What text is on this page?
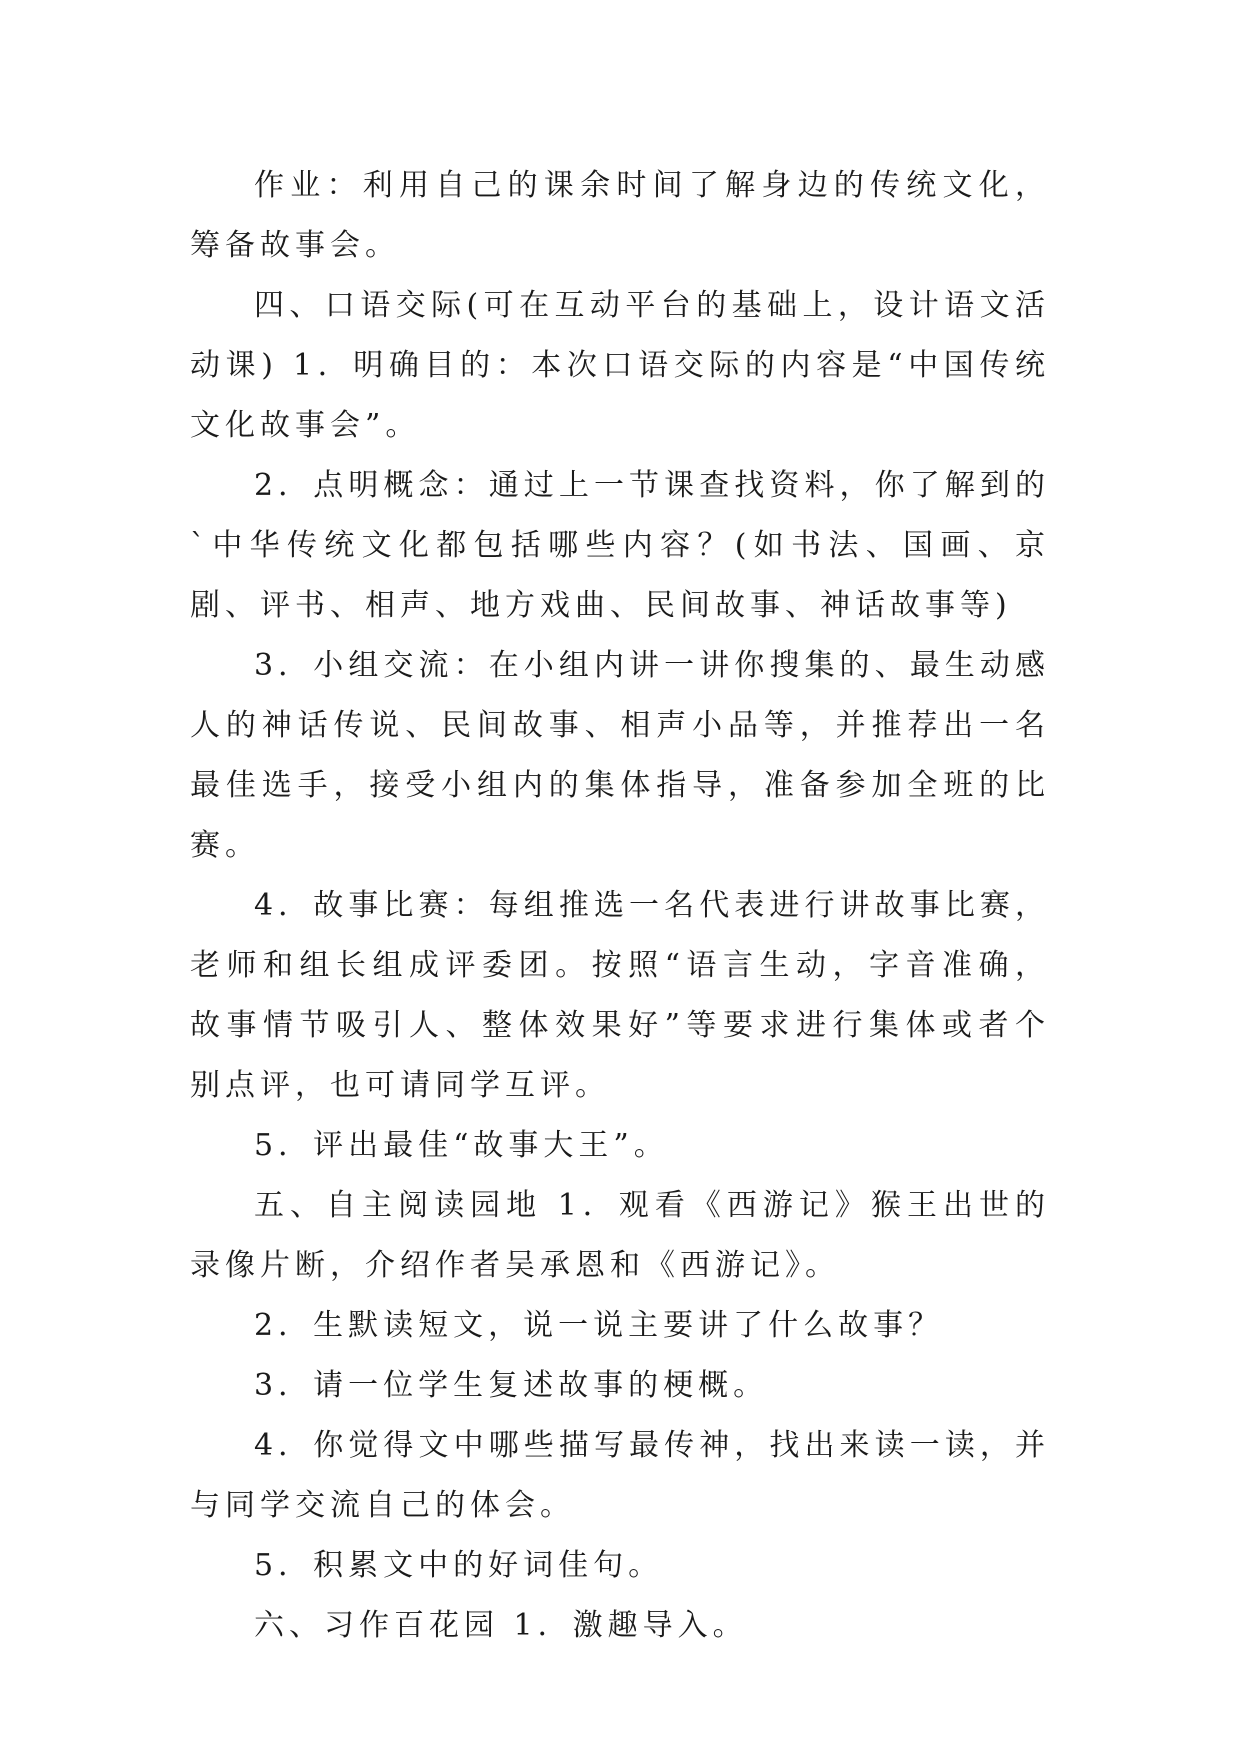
作业：利用自己的课余时间了解身边的传统文化，筹备故事会。

四、口语交际(可在互动平台的基础上，设计语文活动课) 1．明确目的：本次口语交际的内容是“中国传统文化故事会”。

2．点明概念：通过上一节课查找资料，你了解到的`中华传统文化都包括哪些内容？(如书法、国画、京剧、评书、相声、地方戏曲、民间故事、神话故事等)

3．小组交流：在小组内讲一讲你搜集的、最生动感人的神话传说、民间故事、相声小品等，并推荐出一名最佳选手，接受小组内的集体指导，准备参加全班的比赛。

4．故事比赛：每组推选一名代表进行讲故事比赛，老师和组长组成评委团。按照“语言生动，字音准确，故事情节吸引人、整体效果好”等要求进行集体或者个别点评，也可请同学互评。

5．评出最佳“故事大王”。

五、自主阅读园地 1．观看《西游记》猴王出世的录像片断，介绍作者吴承恩和《西游记》。

2．生默读短文，说一说主要讲了什么故事？

3．请一位学生复述故事的梗概。

4．你觉得文中哪些描写最传神，找出来读一读，并与同学交流自己的体会。

5．积累文中的好词佳句。

六、习作百花园 1．激趣导入。
